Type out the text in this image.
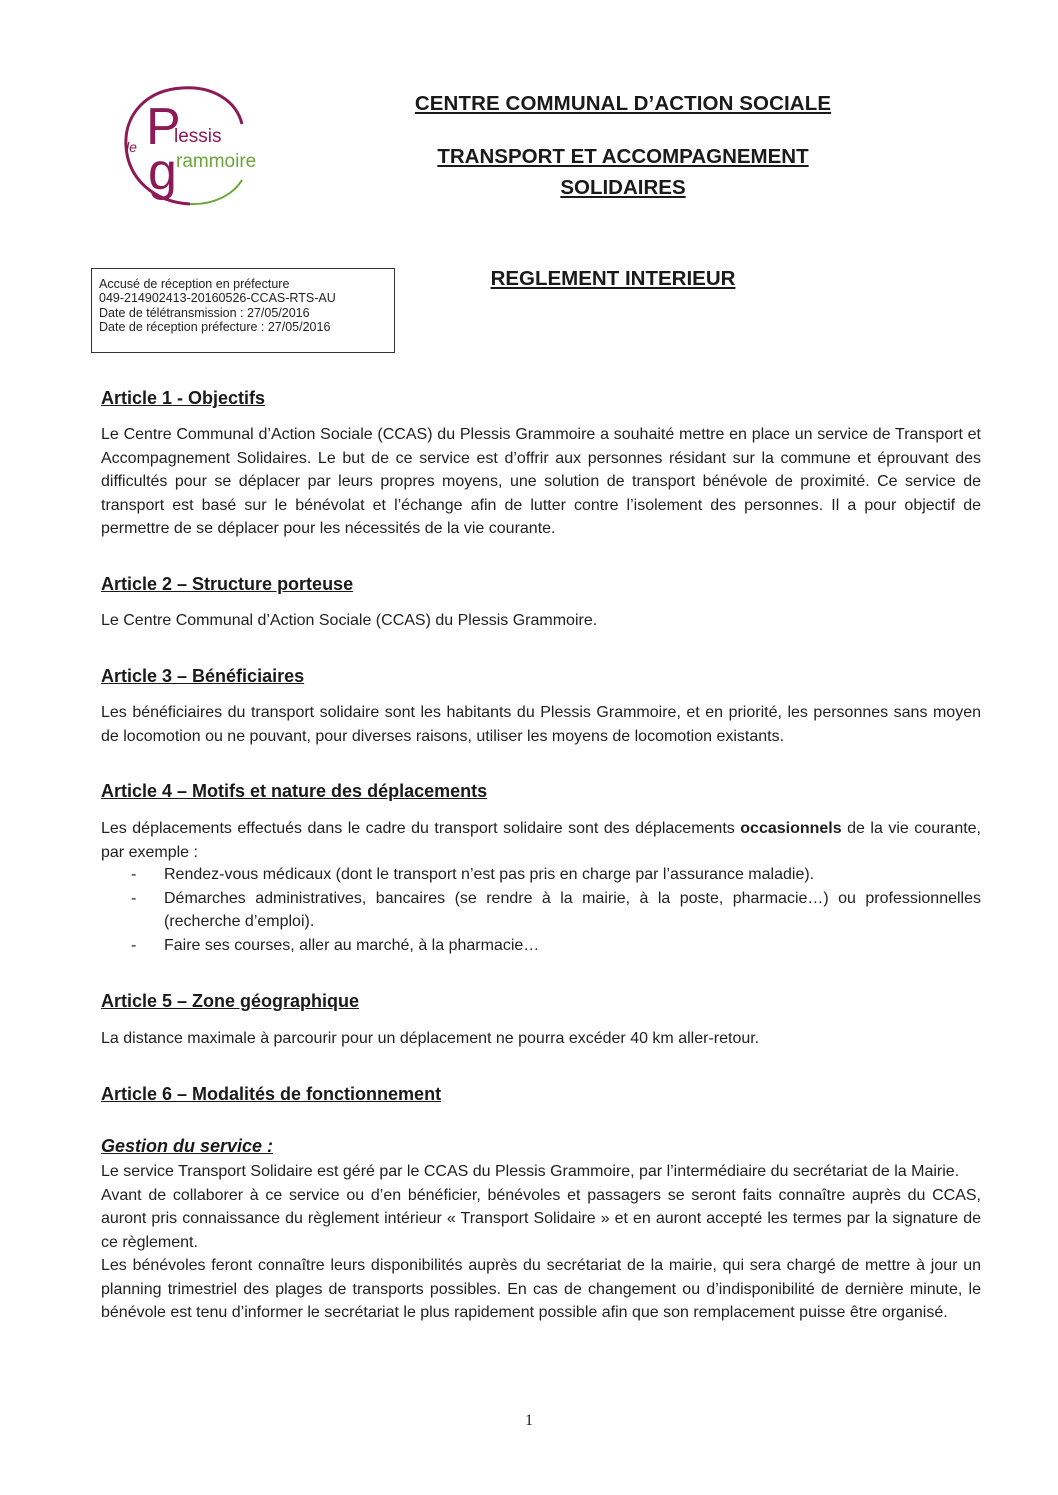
le P
lessis
g rammoire
CENTRE COMMUNAL D’ACTION SOCIALE
TRANSPORT ET ACCOMPAGNEMENT
SOLIDAIRES
Accusé de réception en préfecture
049-214902413-20160526-CCAS-RTS-AU
Date de télétransmission : 27/05/2016
Date de réception préfecture : 27/05/2016
REGLEMENT INTERIEUR
Article 1 - Objectifs
Le Centre Communal d’Action Sociale (CCAS) du Plessis Grammoire a souhaité mettre en place un service de Transport et Accompagnement Solidaires. Le but de ce service est d’offrir aux personnes résidant sur la commune et éprouvant des difficultés pour se déplacer par leurs propres moyens, une solution de transport bénévole de proximité. Ce service de transport est basé sur le bénévolat et l’échange afin de lutter contre l’isolement des personnes. Il a pour objectif de permettre de se déplacer pour les nécessités de la vie courante.
Article 2 – Structure porteuse
Le Centre Communal d’Action Sociale (CCAS) du Plessis Grammoire.
Article 3 – Bénéficiaires
Les bénéficiaires du transport solidaire sont les habitants du Plessis Grammoire, et en priorité, les personnes sans moyen de locomotion ou ne pouvant, pour diverses raisons, utiliser les moyens de locomotion existants.
Article 4 – Motifs et nature des déplacements
Les déplacements effectués dans le cadre du transport solidaire sont des déplacements occasionnels de la vie courante, par exemple :
- Rendez-vous médicaux (dont le transport n’est pas pris en charge par l’assurance maladie).
- Démarches administratives, bancaires (se rendre à la mairie, à la poste, pharmacie…) ou professionnelles (recherche d’emploi).
- Faire ses courses, aller au marché, à la pharmacie…
Article 5 – Zone géographique
La distance maximale à parcourir pour un déplacement ne pourra excéder 40 km aller-retour.
Article 6 – Modalités de fonctionnement
Gestion du service :

Le service Transport Solidaire est géré par le CCAS du Plessis Grammoire, par l’intermédiaire du secrétariat de la Mairie.

Avant de collaborer à ce service ou d’en bénéficier, bénévoles et passagers se seront faits connaître auprès du CCAS, auront pris connaissance du règlement intérieur « Transport Solidaire » et en auront accepté les termes par la signature de ce règlement.

Les bénévoles feront connaître leurs disponibilités auprès du secrétariat de la mairie, qui sera chargé de mettre à jour un planning trimestriel des plages de transports possibles. En cas de changement ou d’indisponibilité de dernière minute, le bénévole est tenu d’informer le secrétariat le plus rapidement possible afin que son remplacement puisse être organisé.

1
